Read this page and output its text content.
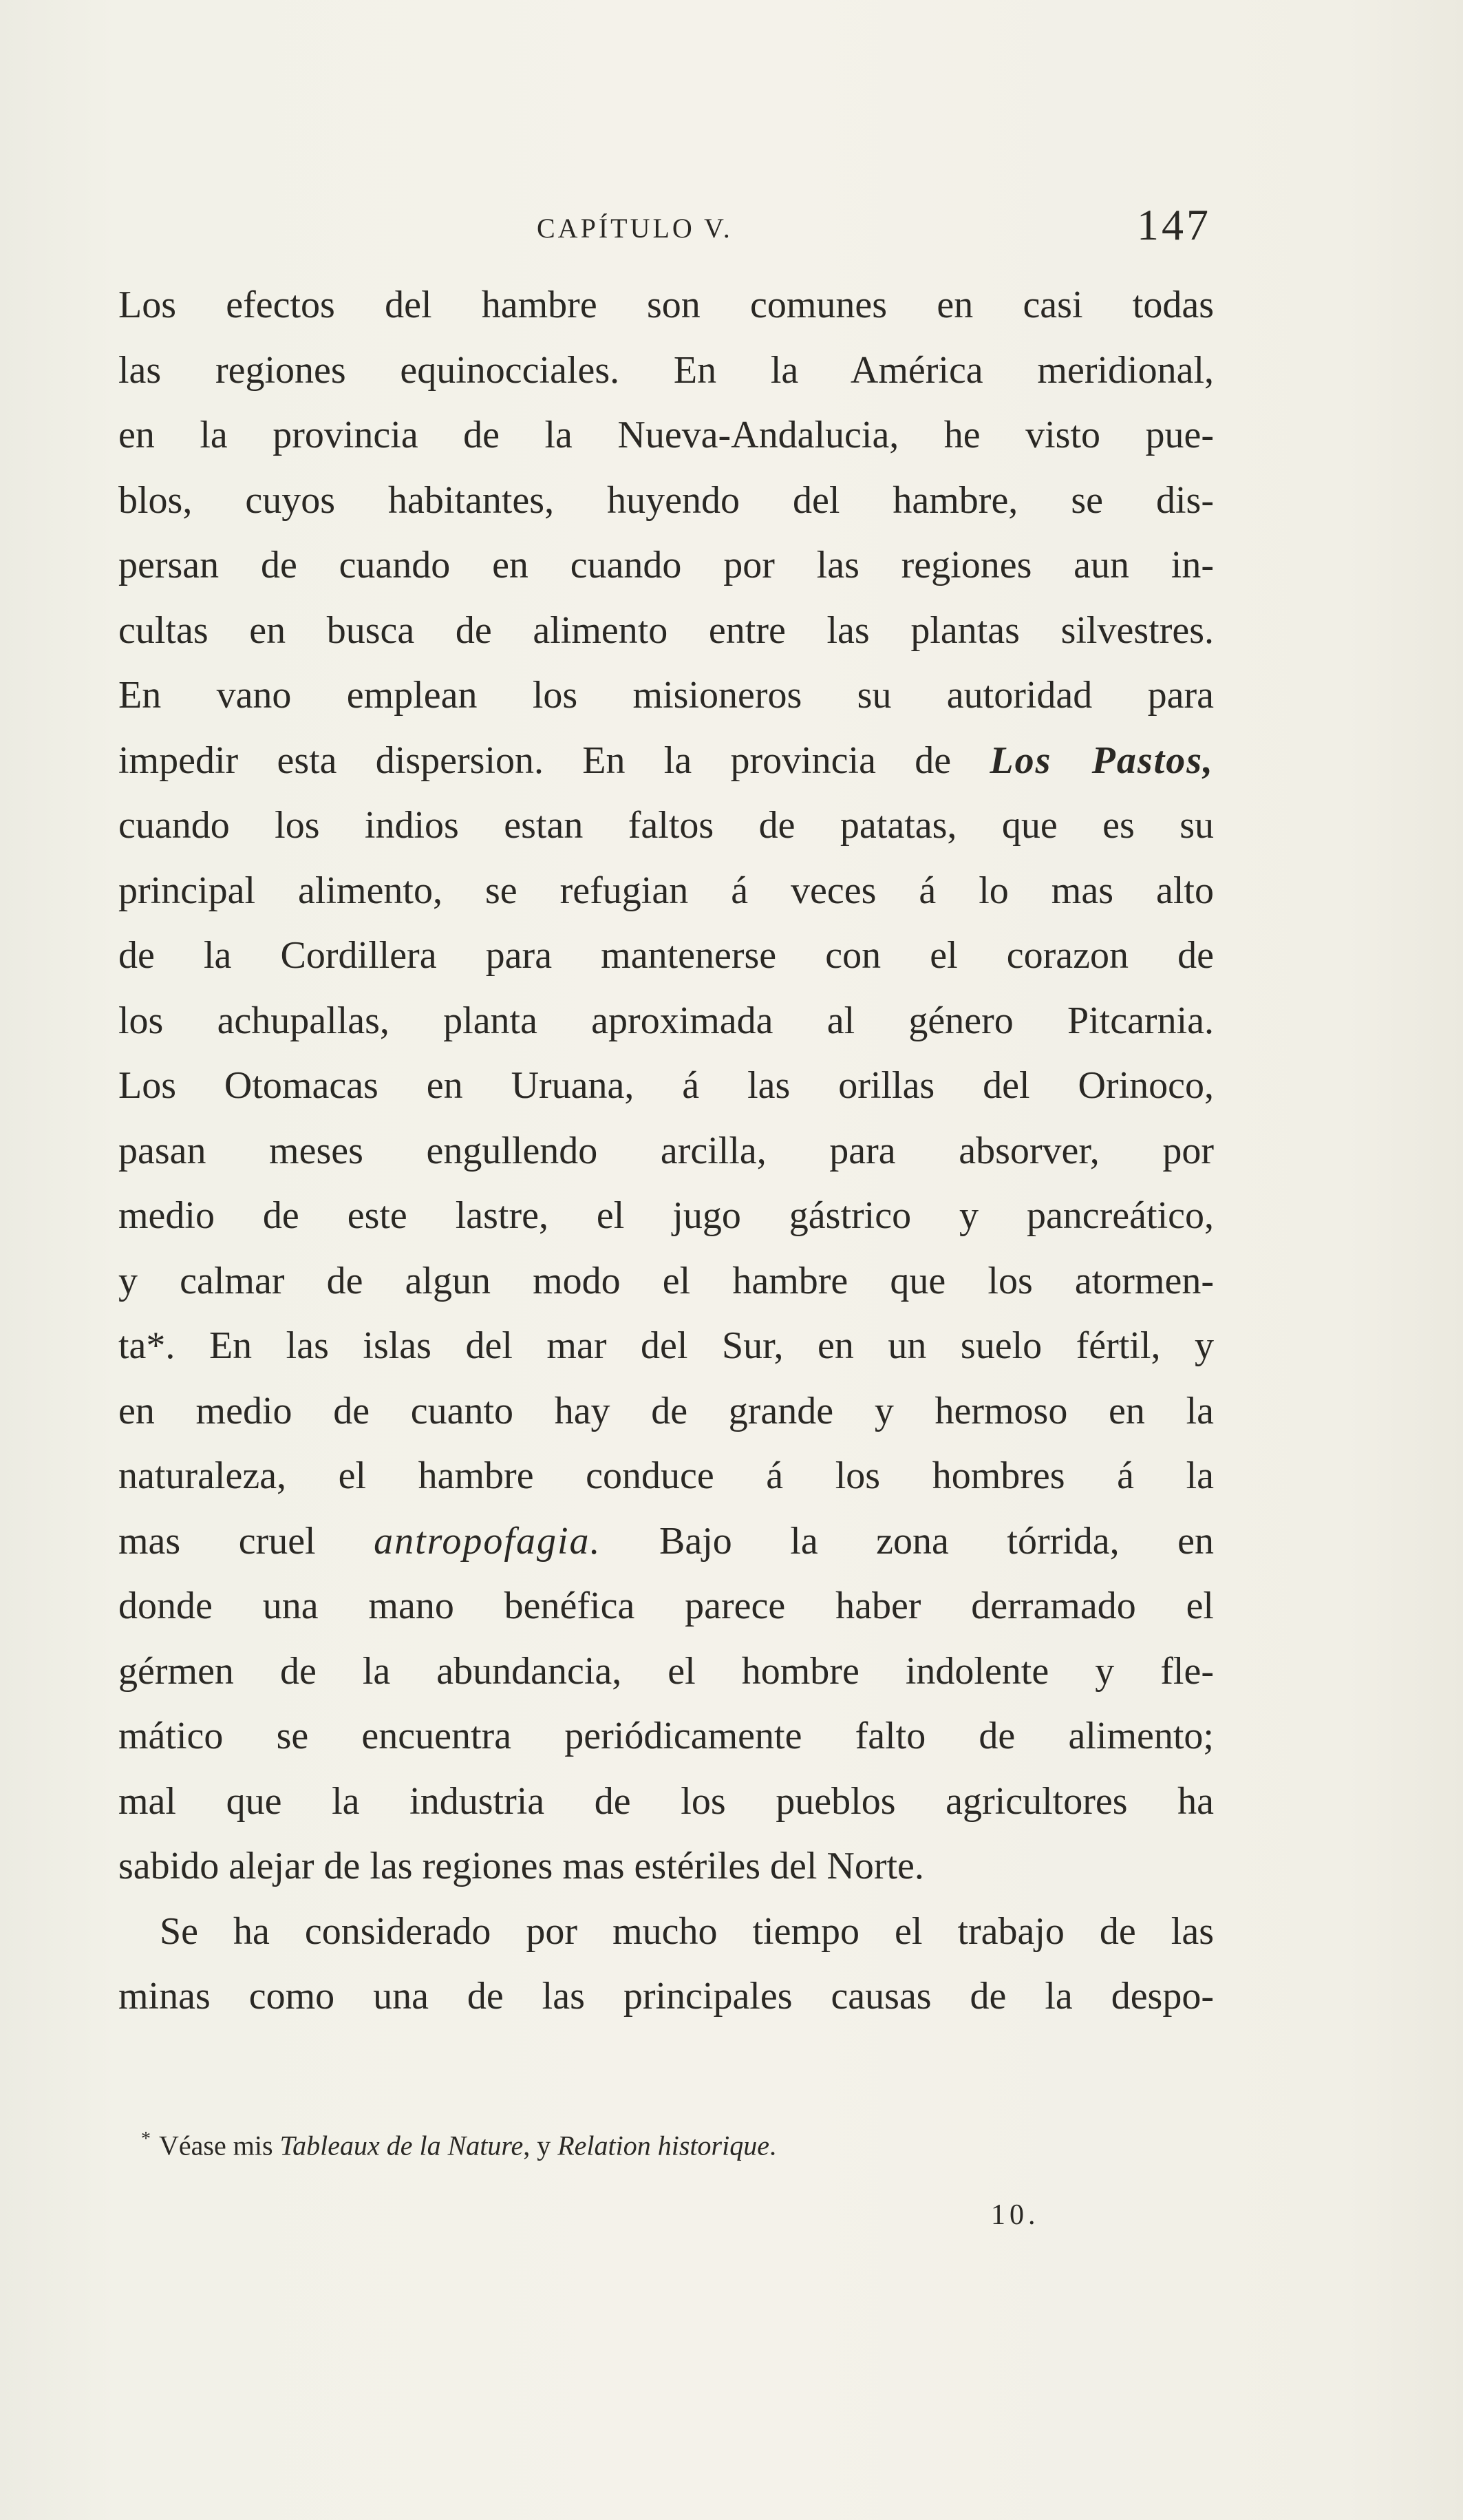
CAPÍTULO V.	147
Los efectos del hambre son comunes en casi todas
las regiones equinocciales. En la América meridional,
en la provincia de la Nueva-Andalucia, he visto pue-
blos, cuyos habitantes, huyendo del hambre, se dis-
persan de cuando en cuando por las regiones aun in-
cultas en busca de alimento entre las plantas silvestres.
En vano emplean los misioneros su autoridad para
impedir esta dispersion. En la provincia de Los Pastos,
cuando los indios estan faltos de patatas, que es su
principal alimento, se refugian á veces á lo mas alto
de la Cordillera para mantenerse con el corazon de
los achupallas, planta aproximada al género Pitcarnia.
Los Otomacas en Uruana, á las orillas del Orinoco,
pasan meses engullendo arcilla, para absorver, por
medio de este lastre, el jugo gástrico y pancreático,
y calmar de algun modo el hambre que los atormen-
ta*. En las islas del mar del Sur, en un suelo fértil, y
en medio de cuanto hay de grande y hermoso en la
naturaleza, el hambre conduce á los hombres á la
mas cruel antropofagia. Bajo la zona tórrida, en
donde una mano benéfica parece haber derramado el
gérmen de la abundancia, el hombre indolente y fle-
mático se encuentra periódicamente falto de alimento;
mal que la industria de los pueblos agricultores ha
sabido alejar de las regiones mas estériles del Norte.
Se ha considerado por mucho tiempo el trabajo de las
minas como una de las principales causas de la despo-
* Véase mis Tableaux de la Nature, y Relation historique.
10.
